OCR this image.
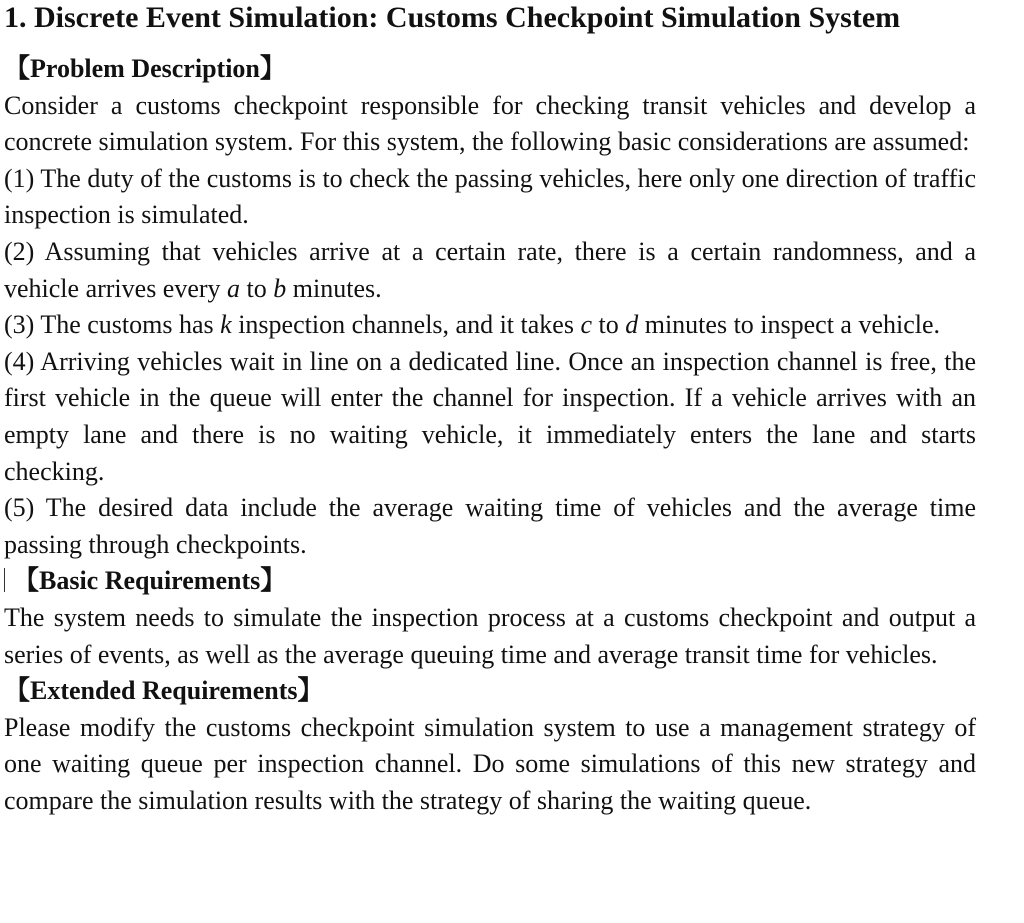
1. Discrete Event Simulation: Customs Checkpoint Simulation System
【Problem Description】

Consider a customs checkpoint responsible for checking transit vehicles and develop a concrete simulation system. For this system, the following basic considerations are assumed:

(1) The duty of the customs is to check the passing vehicles, here only one direction of traffic inspection is simulated.

(2) Assuming that vehicles arrive at a certain rate, there is a certain randomness, and a vehicle arrives every a to b minutes.

(3) The customs has k inspection channels, and it takes c to d minutes to inspect a vehicle.

(4) Arriving vehicles wait in line on a dedicated line. Once an inspection channel is free, the first vehicle in the queue will enter the channel for inspection. If a vehicle arrives with an empty lane and there is no waiting vehicle, it immediately enters the lane and starts checking.

(5) The desired data include the average waiting time of vehicles and the average time passing through checkpoints.

【Basic Requirements】

The system needs to simulate the inspection process at a customs checkpoint and output a series of events, as well as the average queuing time and average transit time for vehicles.

【Extended Requirements】

Please modify the customs checkpoint simulation system to use a management strategy of one waiting queue per inspection channel. Do some simulations of this new strategy and compare the simulation results with the strategy of sharing the waiting queue.
